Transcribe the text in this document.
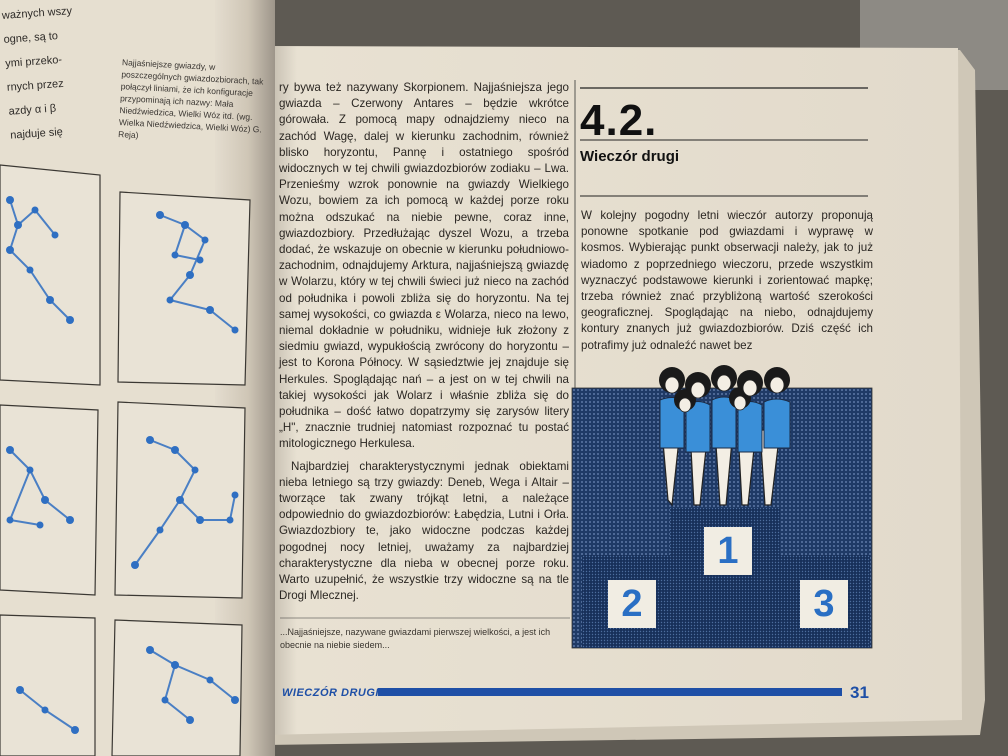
ważnych wszy
ogne, są to
ymi przeko-
rnych przez
azdy α i β
najduje się
Najjaśniejsze gwiazdy, w poszczególnych gwiazdozbiorach, tak połączył liniami, że ich konfiguracje przypominają ich nazwy: Mała Niedźwiedzica, Wielki Wóz itd. (wg. Wielka Niedźwiedzica, Wielki Wóz) G. Reja)

ry bywa też nazywany Skorpionem. Najjaśniejsza jego gwiazda – Czerwony Antares – będzie wkrótce górowała. Z pomocą mapy odnajdziemy nieco na zachód Wagę, dalej w kierunku zachodnim, również blisko horyzontu, Pannę i ostatniego spośród widocznych w tej chwili gwiazdozbiorów zodiaku – Lwa. Przenieśmy wzrok ponownie na gwiazdy Wielkiego Wozu, bowiem za ich pomocą w każdej porze roku można odszukać na niebie pewne, coraz inne, gwiazdozbiory. Przedłużając dyszel Wozu, a trzeba dodać, że wskazuje on obecnie w kierunku południowo-zachodnim, odnajdujemy Arktura, najjaśniejszą gwiazdę w Wolarzu, który w tej chwili świeci już nieco na zachód od południka i powoli zbliża się do horyzontu. Na tej samej wysokości, co gwiazda ε Wolarza, nieco na lewo, niemal dokładnie w południku, widnieje łuk złożony z siedmiu gwiazd, wypukłością zwrócony do horyzontu – jest to Korona Północy. W sąsiedztwie jej znajduje się Herkules. Spoglądając nań – a jest on w tej chwili na takiej wysokości jak Wolarz i właśnie zbliża się do południka – dość łatwo dopatrzymy się zarysów litery „H", znacznie trudniej natomiast rozpoznać tu postać mitologicznego Herkulesa.

Najbardziej charakterystycznymi jednak obiektami nieba letniego są trzy gwiazdy: Deneb, Wega i Altair – tworzące tak zwany trójkąt letni, a należące odpowiednio do gwiazdozbiorów: Łabędzia, Lutni i Orła. Gwiazdozbiory te, jako widoczne podczas każdej pogodnej nocy letniej, uważamy za najbardziej charakterystyczne dla nieba w obecnej porze roku. Warto uzupełnić, że wszystkie trzy widoczne są na tle Drogi Mlecznej.

...Najjaśniejsze, nazywane gwiazdami pierwszej wielkości, a jest ich obecnie na niebie siedem...
4.2.
Wieczór drugi
W kolejny pogodny letni wieczór autorzy proponują ponowne spotkanie pod gwiazdami i wyprawę w kosmos. Wybierając punkt obserwacji należy, jak to już wiadomo z poprzedniego wieczoru, przede wszystkim wyznaczyć podstawowe kierunki i zorientować mapkę; trzeba również znać przybliżoną wartość szerokości geograficznej. Spoglądając na niebo, odnajdujemy kontury znanych już gwiazdozbiorów. Dziś część ich potrafimy już odnaleźć nawet bez
1
2	3
WIECZÓR DRUGI	31
